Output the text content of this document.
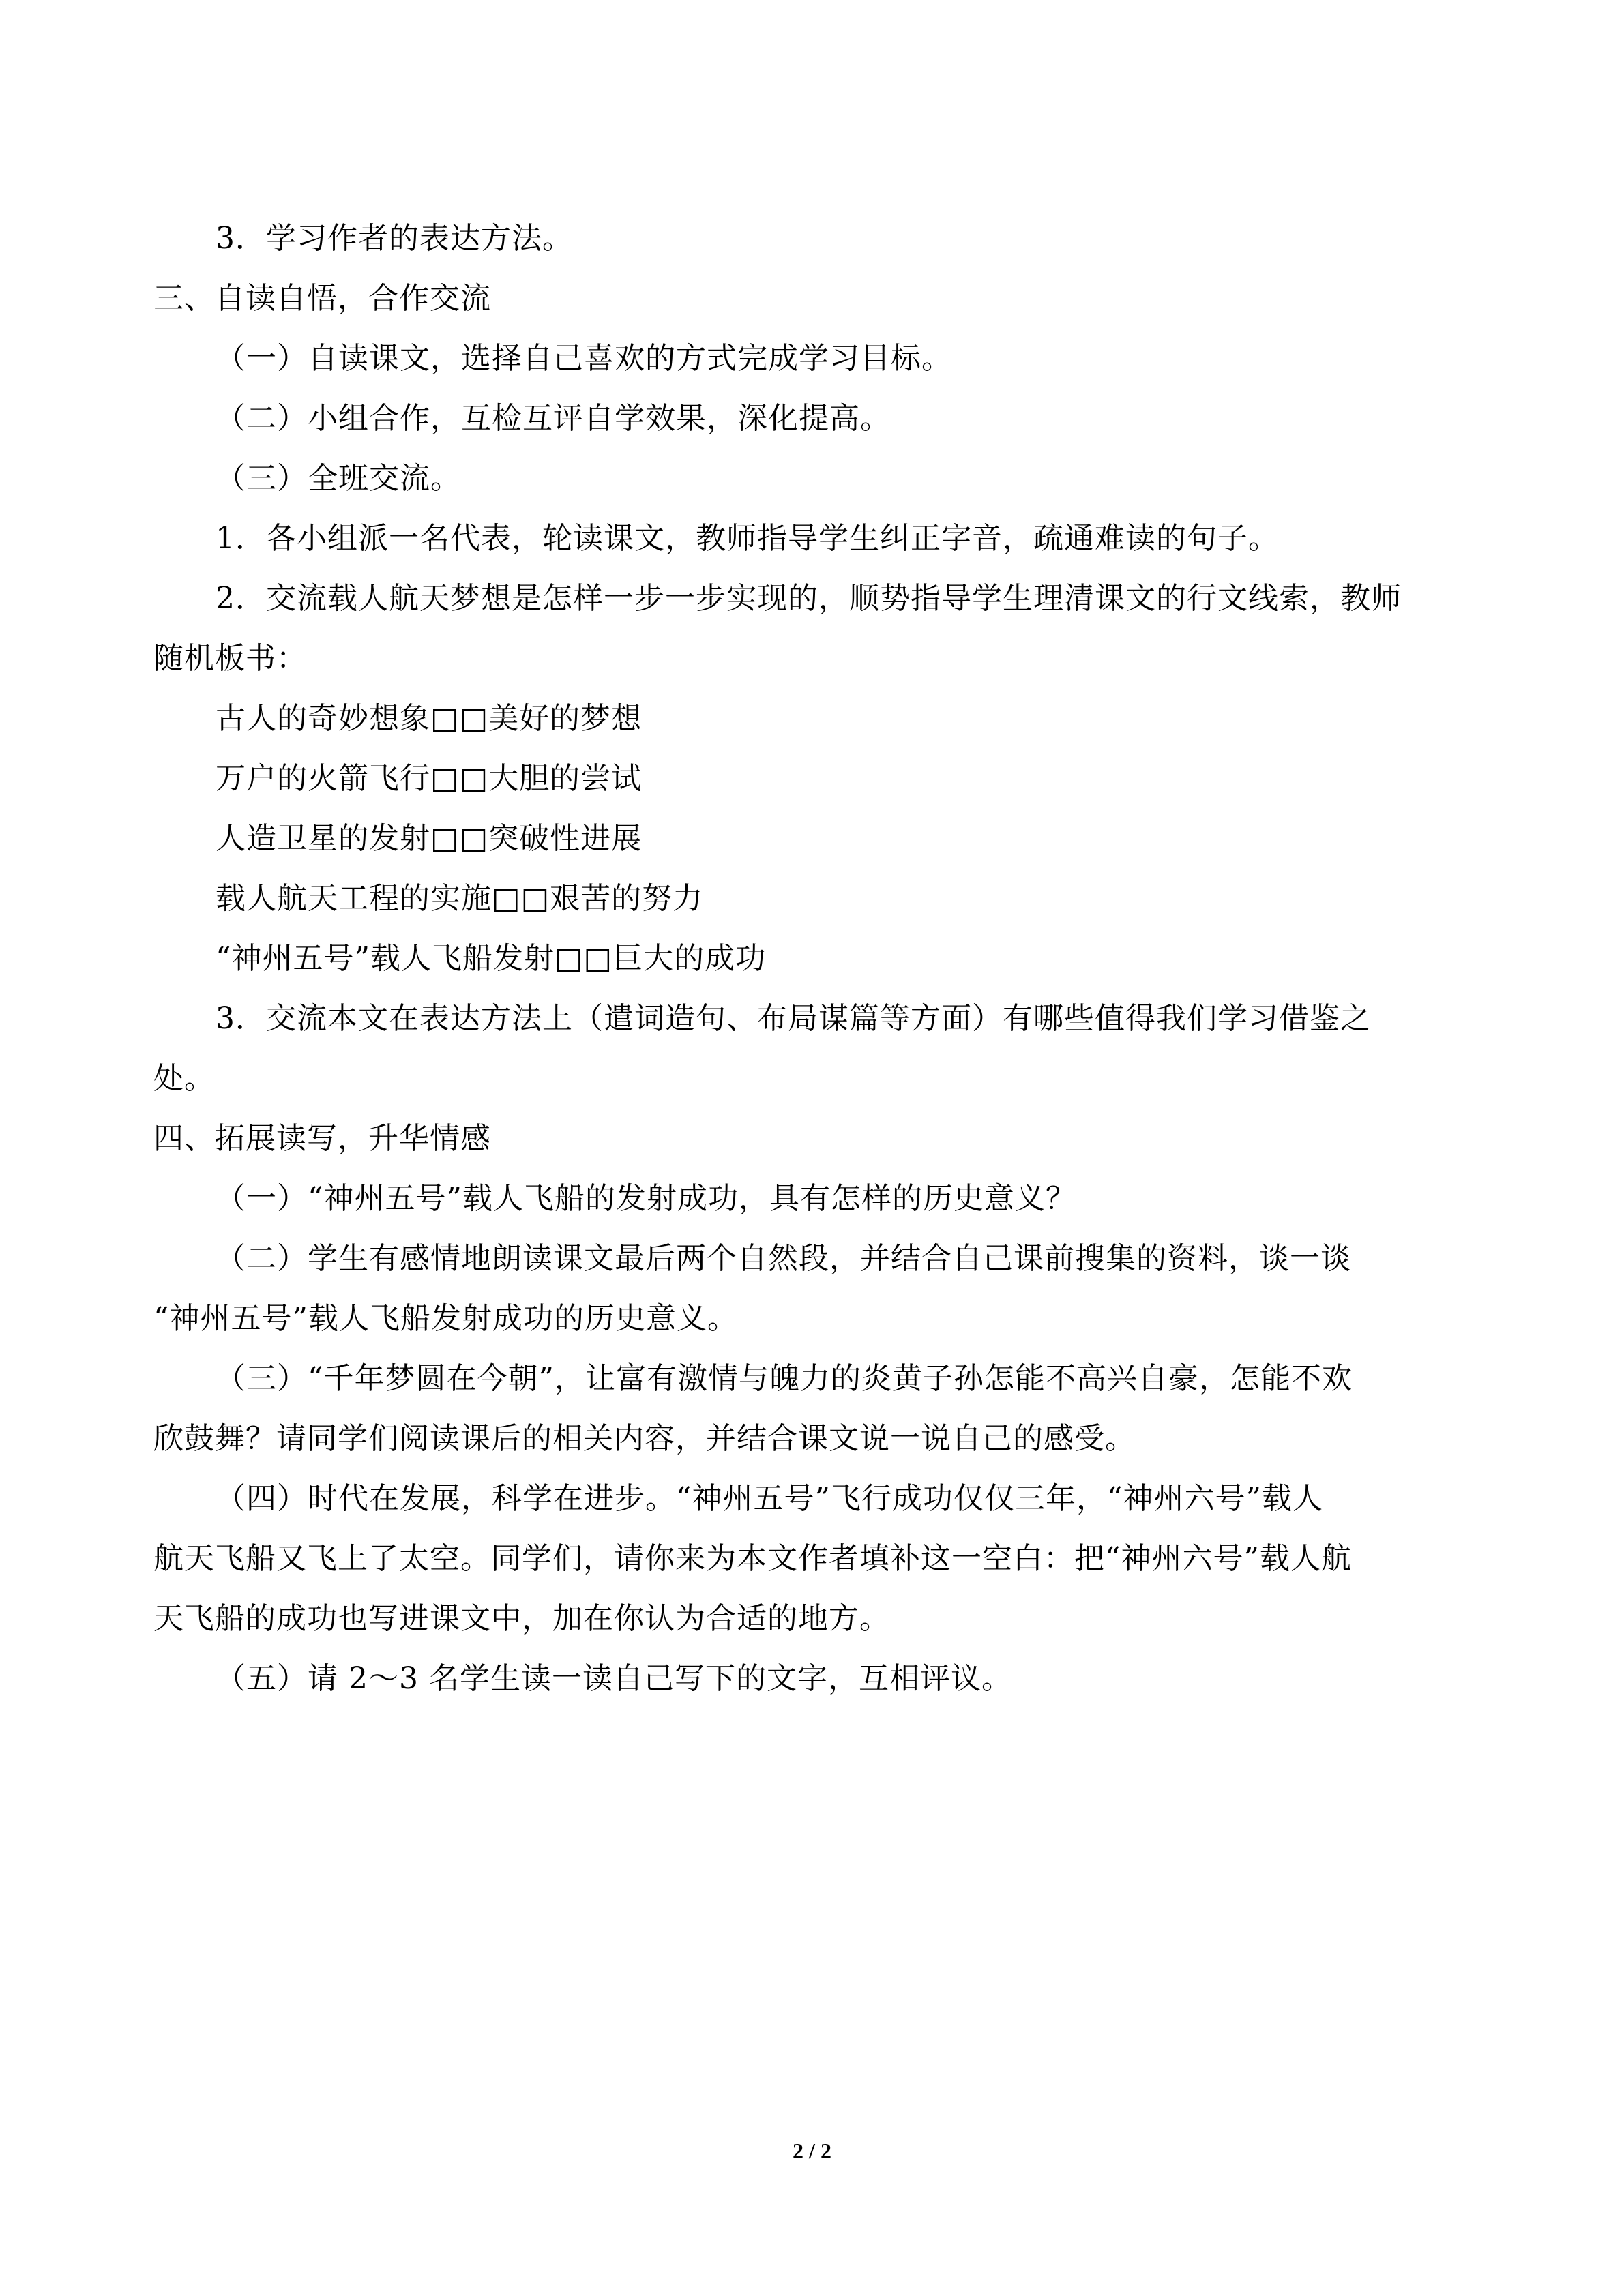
3．学习作者的表达方法。
三、自读自悟，合作交流
（一）自读课文，选择自己喜欢的方式完成学习目标。
（二）小组合作，互检互评自学效果，深化提高。
（三）全班交流。
1．各小组派一名代表，轮读课文，教师指导学生纠正字音，疏通难读的句子。
2．交流载人航天梦想是怎样一步一步实现的，顺势指导学生理清课文的行文线索，教师
随机板书：
古人的奇妙想象□□美好的梦想
万户的火箭飞行□□大胆的尝试
人造卫星的发射□□突破性进展
载人航天工程的实施□□艰苦的努力
“神州五号”载人飞船发射□□巨大的成功
3．交流本文在表达方法上（遣词造句、布局谋篇等方面）有哪些值得我们学习借鉴之
处。
四、拓展读写，升华情感
（一）“神州五号”载人飞船的发射成功，具有怎样的历史意义？
（二）学生有感情地朗读课文最后两个自然段，并结合自己课前搜集的资料，谈一谈
“神州五号”载人飞船发射成功的历史意义。
（三）“千年梦圆在今朝”，让富有激情与魄力的炎黄子孙怎能不高兴自豪，怎能不欢
欣鼓舞？请同学们阅读课后的相关内容，并结合课文说一说自己的感受。
（四）时代在发展，科学在进步。“神州五号”飞行成功仅仅三年，“神州六号”载人
航天飞船又飞上了太空。同学们，请你来为本文作者填补这一空白：把“神州六号”载人航
天飞船的成功也写进课文中，加在你认为合适的地方。
（五）请 2～3 名学生读一读自己写下的文字，互相评议。
2 / 2
